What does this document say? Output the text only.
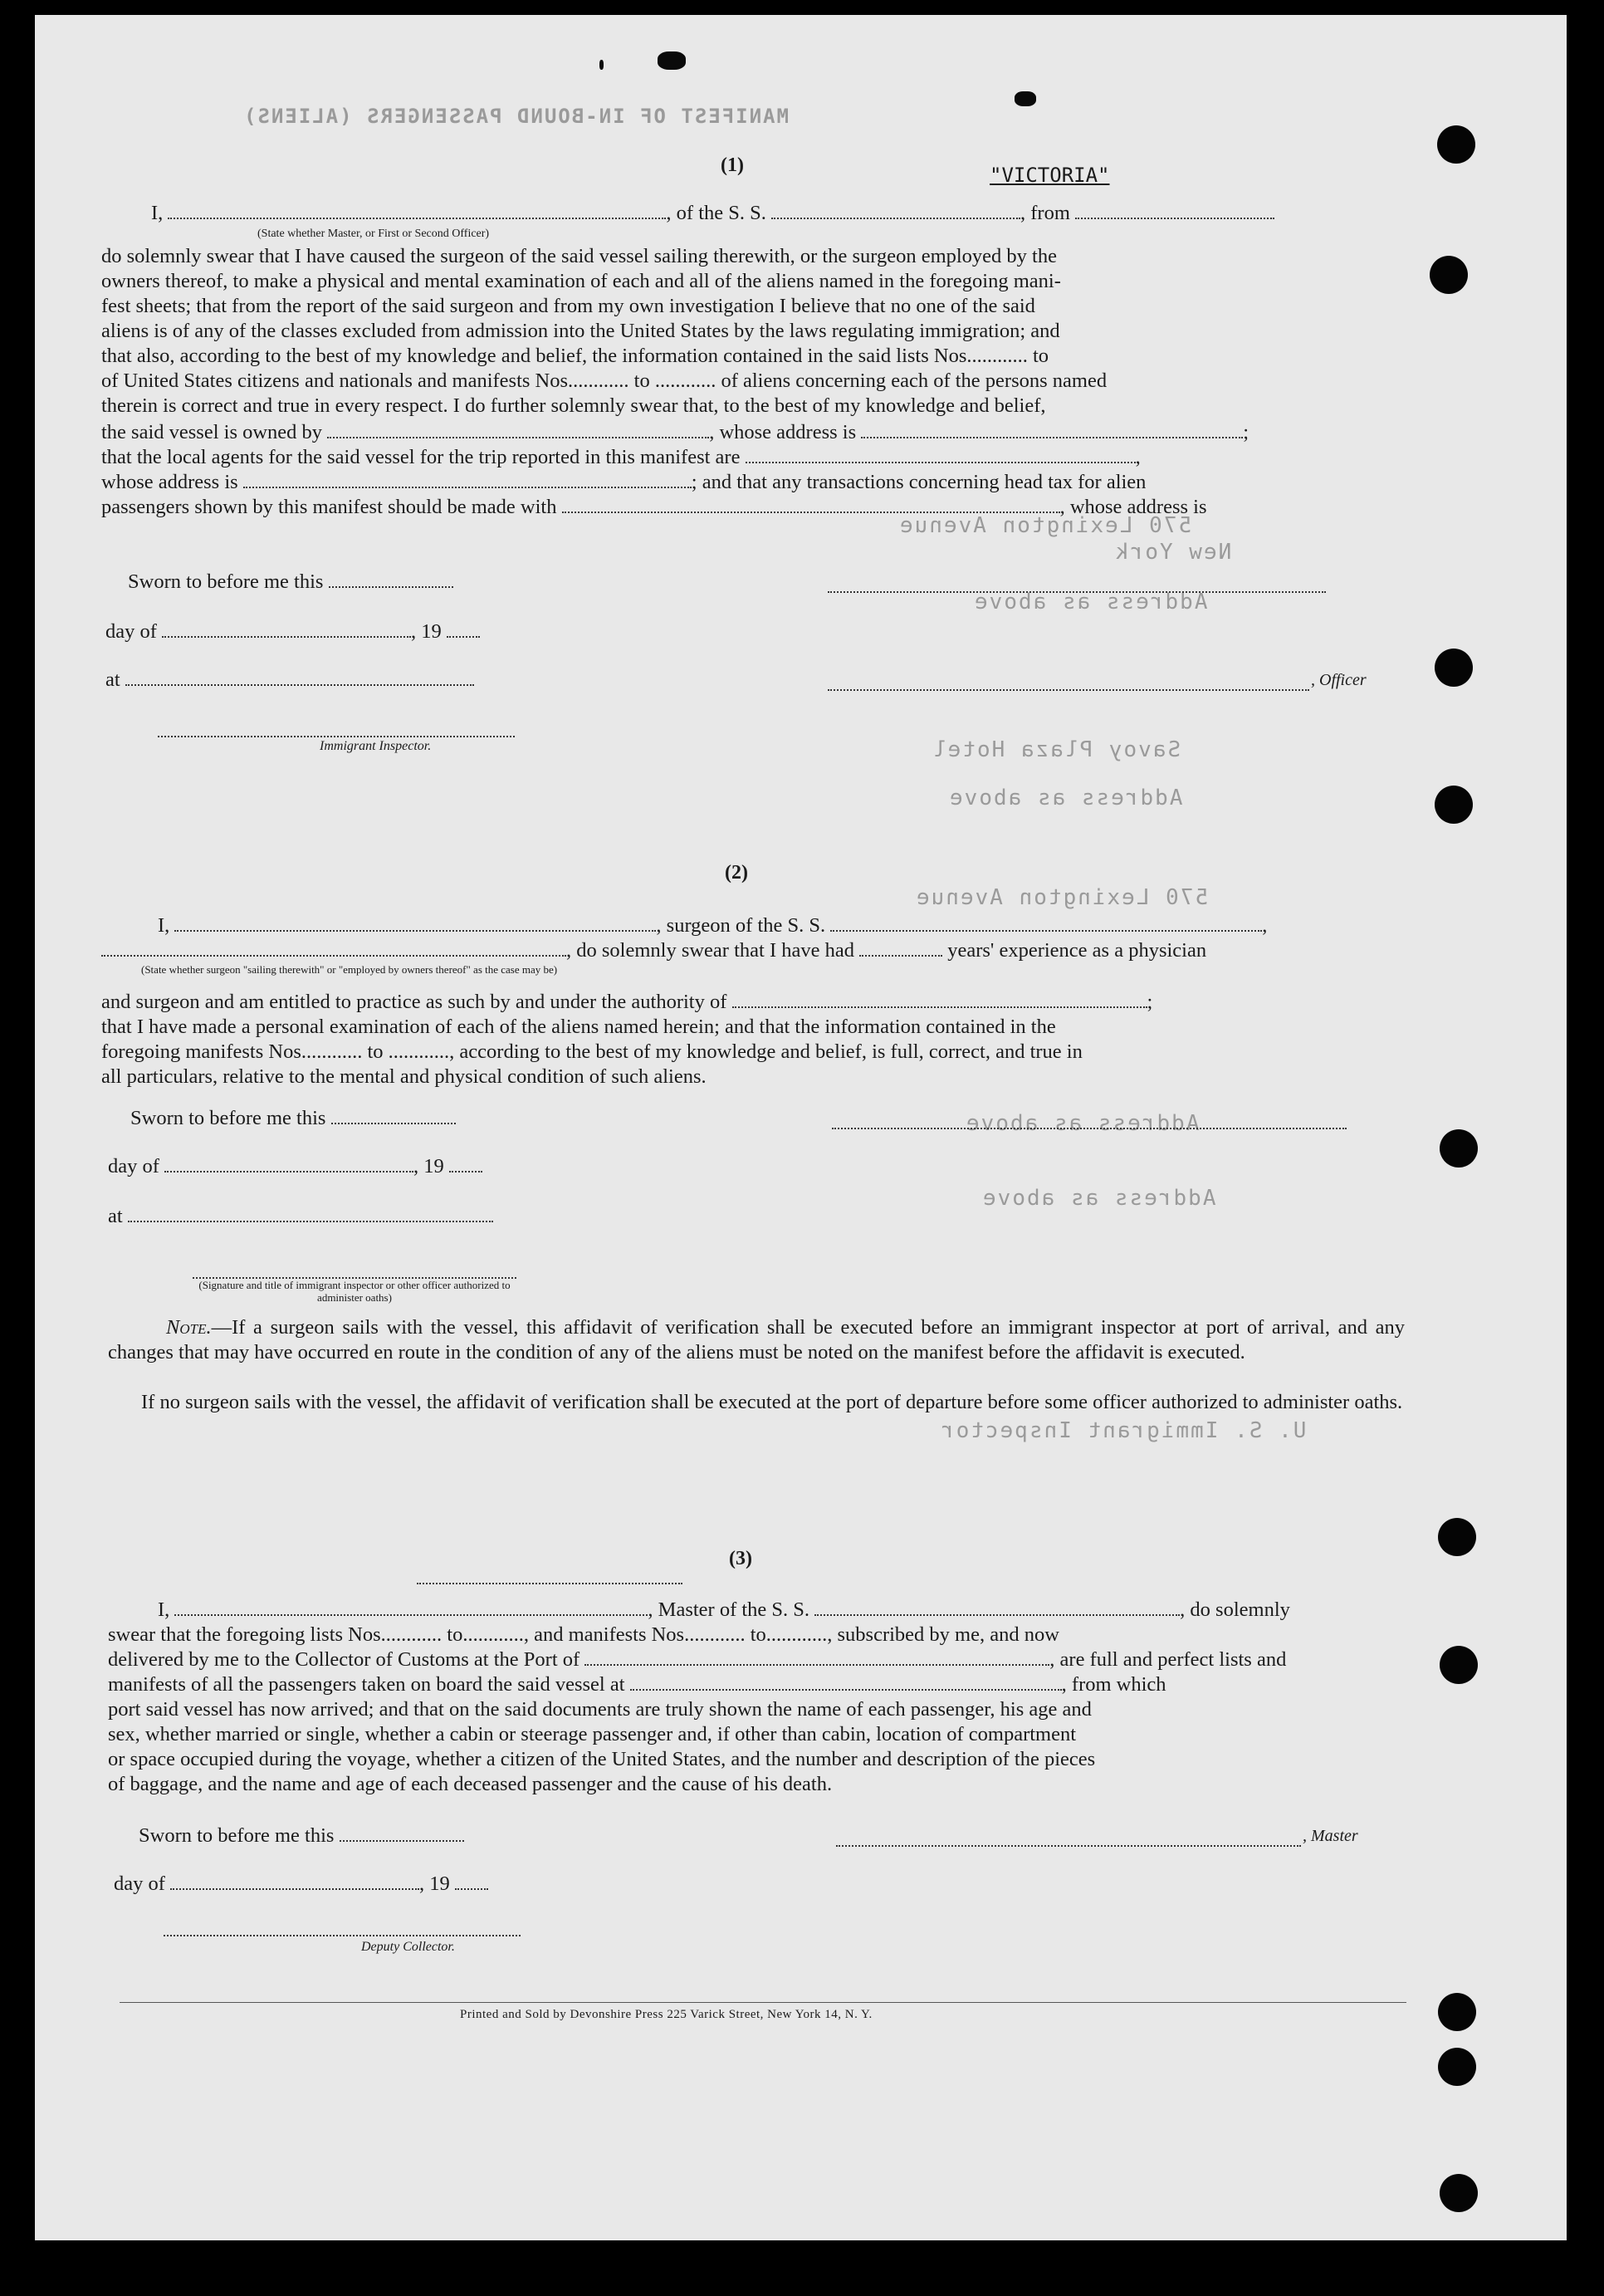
MANIFEST OF IN-BOUND PASSENGERS (ALIENS)
570 Lexington Avenue
New York
Address as above
Savoy Plaza Hotel
Address as above
570 Lexington Avenue
Address as above
Address as above
U. S. Immigrant Inspector
(1)	"VICTORIA"
I,	, of the S. S.	, from
(State whether Master, or First or Second Officer)

do solemnly swear that I have caused the surgeon of the said vessel sailing therewith, or the surgeon employed by the

owners thereof, to make a physical and mental examination of each and all of the aliens named in the foregoing mani-

fest sheets; that from the report of the said surgeon and from my own investigation I believe that no one of the said

aliens is of any of the classes excluded from admission into the United States by the laws regulating immigration; and

that also, according to the best of my knowledge and belief, the information contained in the said lists Nos............ to

of United States citizens and nationals and manifests Nos............ to ............ of aliens concerning each of the persons named

therein is correct and true in every respect. I do further solemnly swear that, to the best of my knowledge and belief,

the said vessel is owned by	, whose address is	;
that the local agents for the said vessel for the trip reported in this manifest are	,
whose address is	; and that any transactions concerning head tax for alien
passengers shown by this manifest should be made with	, whose address is
Sworn to before me this
day of	, 19
at	, Officer
Immigrant Inspector.
(2)
I,	, surgeon of the S. S.	,
, do solemnly swear that I have had	years' experience as a physician
(State whether surgeon "sailing therewith" or "employed by owners thereof" as the case may be)
and surgeon and am entitled to practice as such by and under the authority of	;

that I have made a personal examination of each of the aliens named herein; and that the information contained in the

foregoing manifests Nos............ to ............, according to the best of my knowledge and belief, is full, correct, and true in

all particulars, relative to the mental and physical condition of such aliens.

Sworn to before me this
day of	, 19
at
(Signature and title of immigrant inspector or other officer authorized to administer oaths)
Note.—If a surgeon sails with the vessel, this affidavit of verification shall be executed before an immigrant inspector at port of arrival, and any changes that may have occurred en route in the condition of any of the aliens must be noted on the manifest before the affidavit is executed.
If no surgeon sails with the vessel, the affidavit of verification shall be executed at the port of departure before some officer authorized to administer oaths.
(3)
I,	, Master of the S. S.	, do solemnly

swear that the foregoing lists Nos............ to............, and manifests Nos............ to............, subscribed by me, and now

delivered by me to the Collector of Customs at the Port of	, are full and perfect lists and
manifests of all the passengers taken on board the said vessel at	, from which

port said vessel has now arrived; and that on the said documents are truly shown the name of each passenger, his age and

sex, whether married or single, whether a cabin or steerage passenger and, if other than cabin, location of compartment

or space occupied during the voyage, whether a citizen of the United States, and the number and description of the pieces

of baggage, and the name and age of each deceased passenger and the cause of his death.

Sworn to before me this	, Master
day of	, 19
Deputy Collector.
Printed and Sold by Devonshire Press 225 Varick Street, New York 14, N. Y.
